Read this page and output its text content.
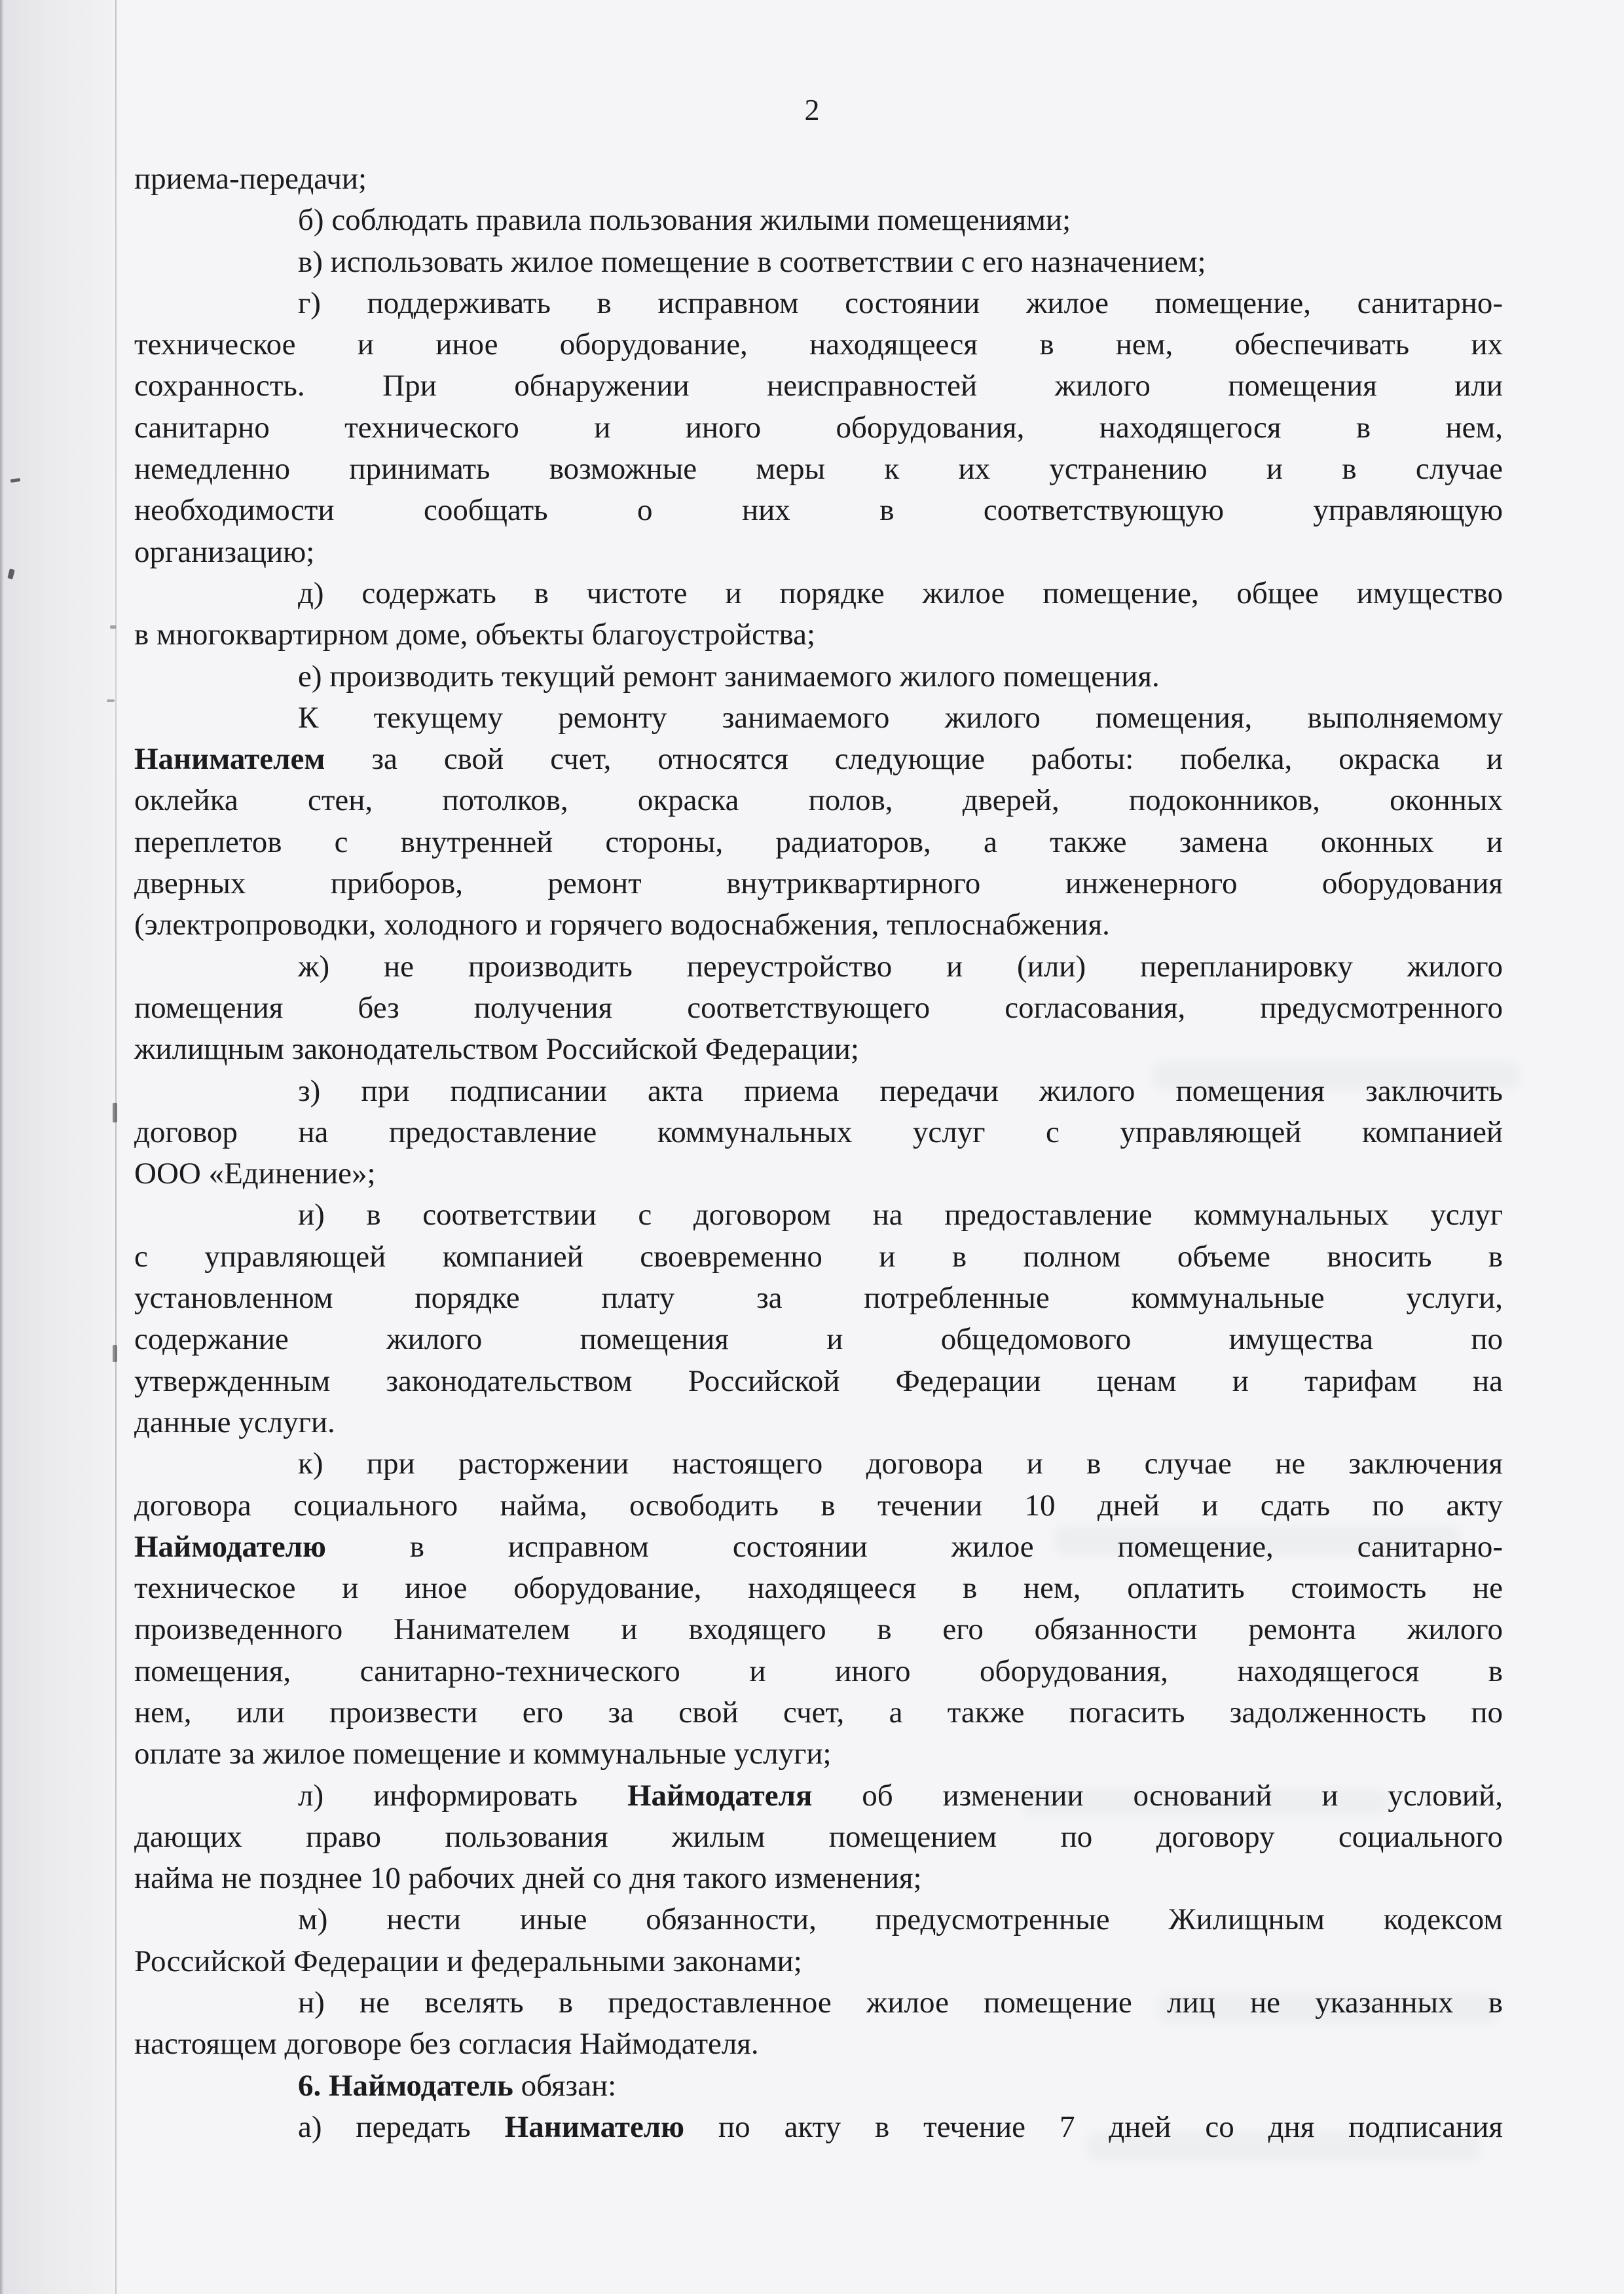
2
приема-передачи;
б) соблюдать правила пользования жилыми помещениями;
в) использовать жилое помещение в соответствии с его назначением;
г) поддерживать в исправном состоянии жилое помещение, санитарно-
техническое и иное оборудование, находящееся в нем, обеспечивать их
сохранность. При обнаружении неисправностей жилого помещения или
санитарно технического и иного оборудования, находящегося в нем,
немедленно принимать возможные меры к их устранению и в случае
необходимости сообщать о них в соответствующую управляющую
организацию;
д) содержать в чистоте и порядке жилое помещение, общее имущество
в многоквартирном доме, объекты благоустройства;
е) производить текущий ремонт занимаемого жилого помещения.
К текущему ремонту занимаемого жилого помещения, выполняемому
Нанимателем за свой счет, относятся следующие работы: побелка, окраска и
оклейка стен, потолков, окраска полов, дверей, подоконников, оконных
переплетов с внутренней стороны, радиаторов, а также замена оконных и
дверных приборов, ремонт внутриквартирного инженерного оборудования
(электропроводки, холодного и горячего водоснабжения, теплоснабжения.
ж) не производить переустройство и (или) перепланировку жилого
помещения без получения соответствующего согласования, предусмотренного
жилищным законодательством Российской Федерации;
з) при подписании акта приема передачи жилого помещения заключить
договор на предоставление коммунальных услуг с управляющей компанией
ООО «Единение»;
и) в соответствии с договором на предоставление коммунальных услуг
с управляющей компанией своевременно и в полном объеме вносить в
установленном порядке плату за потребленные коммунальные услуги,
содержание жилого помещения и общедомового имущества по
утвержденным законодательством Российской Федерации ценам и тарифам на
данные услуги.
к) при расторжении настоящего договора и в случае не заключения
договора социального найма, освободить в течении 10 дней и сдать по акту
Наймодателю в исправном состоянии жилое помещение, санитарно-
техническое и иное оборудование, находящееся в нем, оплатить стоимость не
произведенного Нанимателем и входящего в его обязанности ремонта жилого
помещения, санитарно-технического и иного оборудования, находящегося в
нем, или произвести его за свой счет, а также погасить задолженность по
оплате за жилое помещение и коммунальные услуги;
л) информировать Наймодателя об изменении оснований и условий,
дающих право пользования жилым помещением по договору социального
найма не позднее 10 рабочих дней со дня такого изменения;
м) нести иные обязанности, предусмотренные Жилищным кодексом
Российской Федерации и федеральными законами;
н) не вселять в предоставленное жилое помещение лиц не указанных в
настоящем договоре без согласия Наймодателя.
6. Наймодатель обязан:
а) передать Нанимателю по акту в течение 7 дней со дня подписания
